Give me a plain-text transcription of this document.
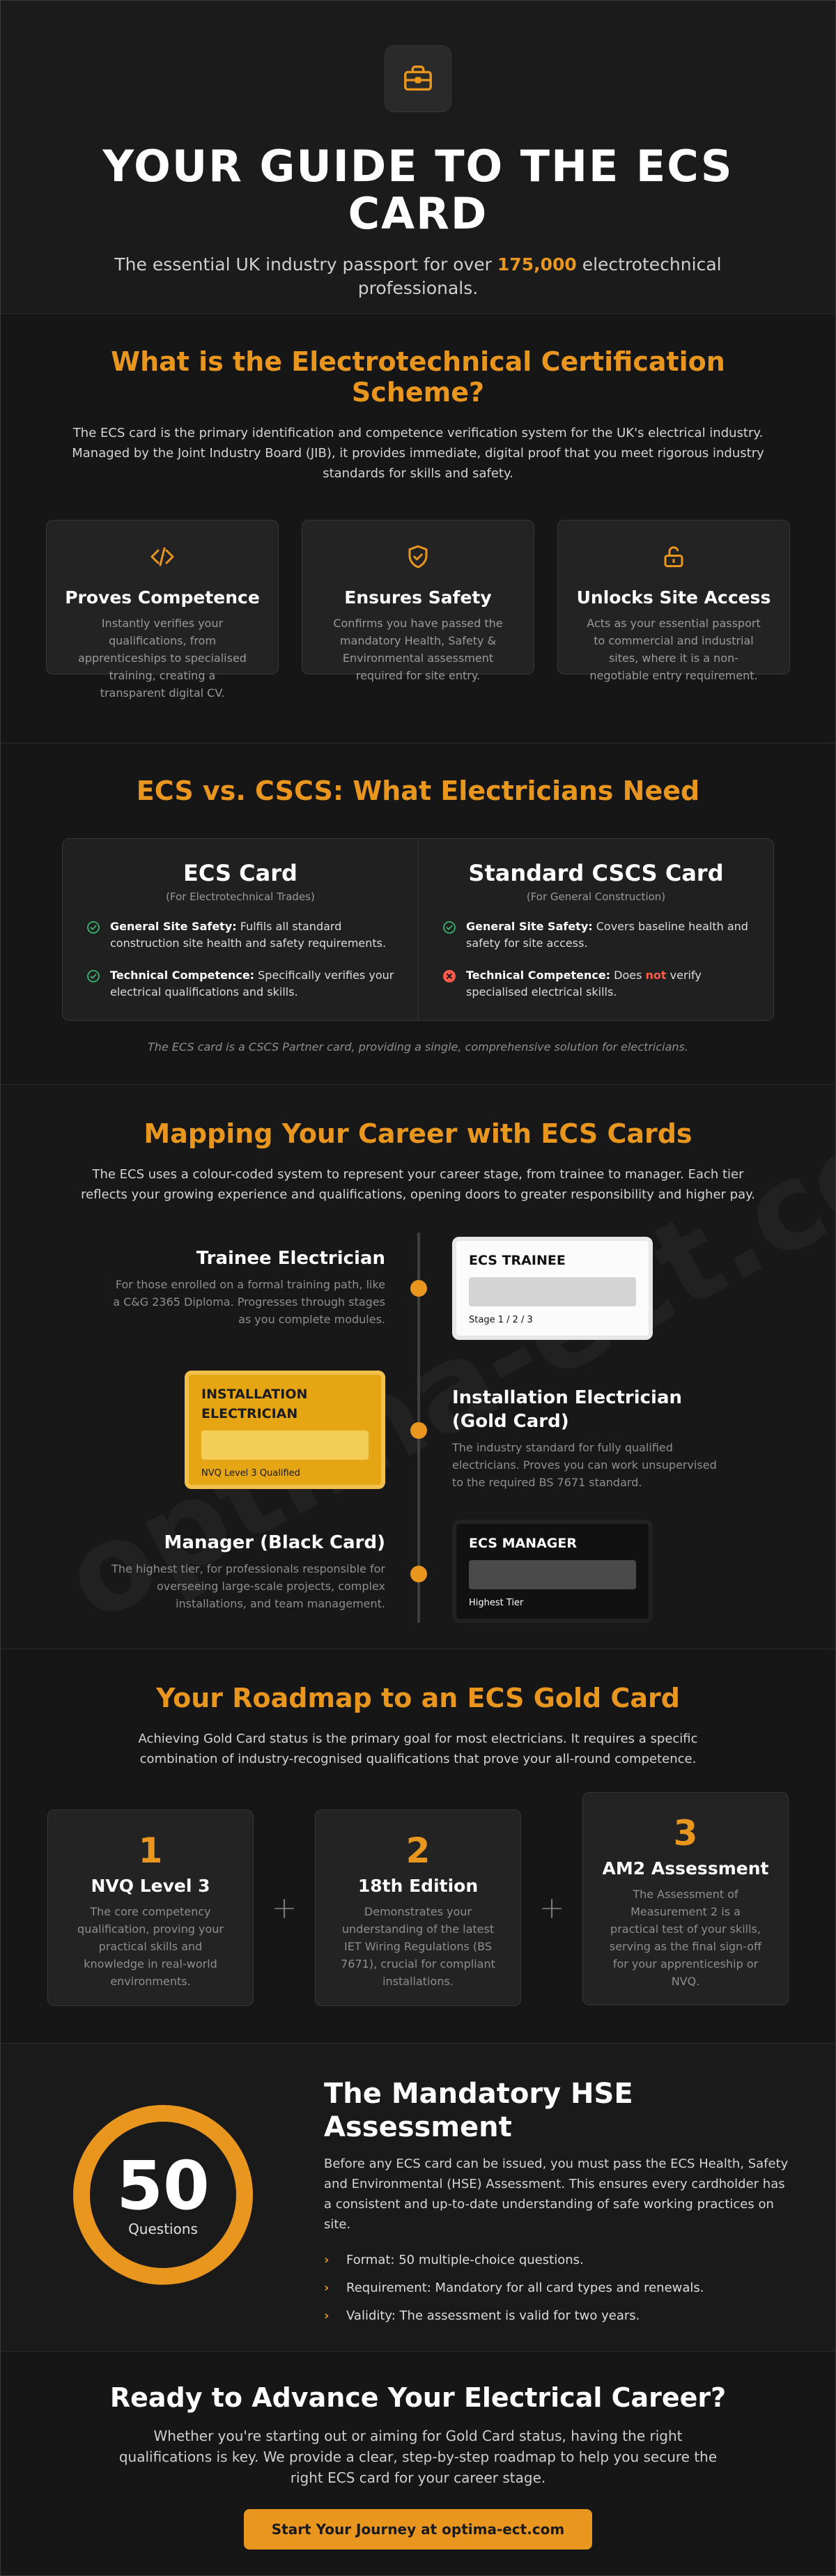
YOUR GUIDE TO THE ECS CARD

The essential UK industry passport for over 175,000 electrotechnical professionals.

What is the Electrotechnical Certification Scheme?

The ECS card is the primary identification and competence verification system for the UK's electrical industry. Managed by the Joint Industry Board (JIB), it provides immediate, digital proof that you meet rigorous industry standards for skills and safety.

Proves Competence

Instantly verifies your qualifications, from apprenticeships to specialised training, creating a transparent digital CV.

Ensures Safety

Confirms you have passed the mandatory Health, Safety & Environmental assessment required for site entry.

Unlocks Site Access

Acts as your essential passport to commercial and industrial sites, where it is a non-negotiable entry requirement.

ECS vs. CSCS: What Electricians Need
ECS Card
(For Electrotechnical Trades)
General Site Safety: Fulfils all standard construction site health and safety requirements.
Technical Competence: Specifically verifies your electrical qualifications and skills.
Standard CSCS Card
(For General Construction)
General Site Safety: Covers baseline health and safety for site access.
Technical Competence: Does not verify specialised electrical skills.

The ECS card is a CSCS Partner card, providing a single, comprehensive solution for electricians.

Mapping Your Career with ECS Cards

The ECS uses a colour-coded system to represent your career stage, from trainee to manager. Each tier reflects your growing experience and qualifications, opening doors to greater responsibility and higher pay.

Trainee Electrician

For those enrolled on a formal training path, like a C&G 2365 Diploma. Progresses through stages as you complete modules.

ECS TRAINEE
Stage 1 / 2 / 3
INSTALLATION ELECTRICIAN
NVQ Level 3 Qualified
Installation Electrician (Gold Card)

The industry standard for fully qualified electricians. Proves you can work unsupervised to the required BS 7671 standard.

Manager (Black Card)

The highest tier, for professionals responsible for overseeing large-scale projects, complex installations, and team management.

ECS MANAGER
Highest Tier
Your Roadmap to an ECS Gold Card

Achieving Gold Card status is the primary goal for most electricians. It requires a specific combination of industry-recognised qualifications that prove your all-round competence.

1
NVQ Level 3

The core competency qualification, proving your practical skills and knowledge in real-world environments.

+
2
18th Edition

Demonstrates your understanding of the latest IET Wiring Regulations (BS 7671), crucial for compliant installations.

+
3
AM2 Assessment

The Assessment of Measurement 2 is a practical test of your skills, serving as the final sign-off for your apprenticeship or NVQ.

50
Questions
The Mandatory HSE Assessment

Before any ECS card can be issued, you must pass the ECS Health, Safety and Environmental (HSE) Assessment. This ensures every cardholder has a consistent and up-to-date understanding of safe working practices on site.

›	Format: 50 multiple-choice questions.
›	Requirement: Mandatory for all card types and renewals.
›	Validity: The assessment is valid for two years.
Ready to Advance Your Electrical Career?

Whether you're starting out or aiming for Gold Card status, having the right qualifications is key. We provide a clear, step-by-step roadmap to help you secure the right ECS card for your career stage.

Start Your Journey at optima-ect.com
